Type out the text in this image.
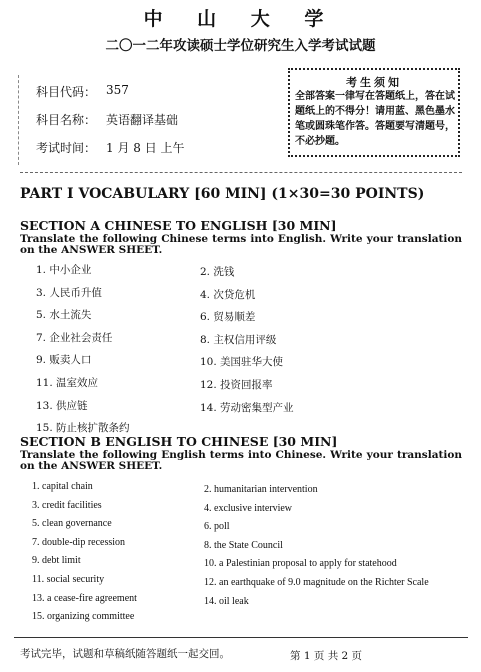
中 山 大 学
二〇一二年攻读硕士学位研究生入学考试试题
科目代码： 357
科目名称： 英语翻译基础
考试时间： 1 月 8 日 上午
考生须知
全部答案一律写在答题纸上，答在试题纸上的不得分！请用蓝、黑色墨水笔或圆珠笔作答。答题要写清题号，不必抄题。
PART Ⅰ VOCABULARY [60 MIN] (1×30=30 POINTS)
SECTION A CHINESE TO ENGLISH [30 MIN]
Translate the following Chinese terms into English. Write your translation on the ANSWER SHEET.
1. 中小企业
3. 人民币升值
5. 水土流失
7. 企业社会责任
9. 贩卖人口
11. 温室效应
13. 供应链
15. 防止核扩散条约
2. 洗钱
4. 次贷危机
6. 贸易顺差
8. 主权信用评级
10. 美国驻华大使
12. 投资回报率
14. 劳动密集型产业
SECTION B ENGLISH TO CHINESE [30 MIN]
Translate the following English terms into Chinese. Write your translation on the ANSWER SHEET.
1. capital chain
3. credit facilities
5. clean governance
7. double-dip recession
9. debt limit
11. social security
13. a cease-fire agreement
15. organizing committee
2. humanitarian intervention
4. exclusive interview
6. poll
8. the State Council
10. a Palestinian proposal to apply for statehood
12. an earthquake of 9.0 magnitude on the Richter Scale
14. oil leak
考试完毕，试题和草稿纸随答题纸一起交回。	第 1 页 共 2 页
